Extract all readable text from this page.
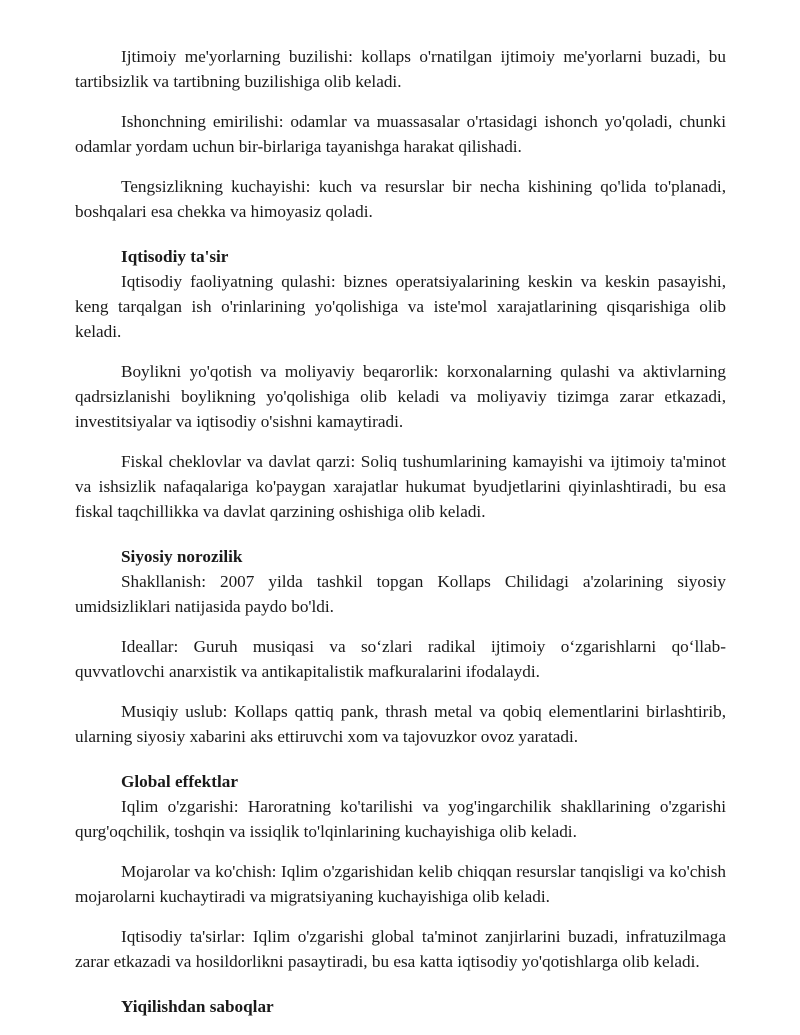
Ijtimoiy me'yorlarning buzilishi: kollaps o'rnatilgan ijtimoiy me'yorlarni buzadi, bu tartibsizlik va tartibning buzilishiga olib keladi.

Ishonchning emirilishi: odamlar va muassasalar o'rtasidagi ishonch yo'qoladi, chunki odamlar yordam uchun bir-birlariga tayanishga harakat qilishadi.

Tengsizlikning kuchayishi: kuch va resurslar bir necha kishining qo'lida to'planadi, boshqalari esa chekka va himoyasiz qoladi.

Iqtisodiy ta'sir

Iqtisodiy faoliyatning qulashi: biznes operatsiyalarining keskin va keskin pasayishi, keng tarqalgan ish o'rinlarining yo'qolishiga va iste'mol xarajatlarining qisqarishiga olib keladi.

Boylikni yo'qotish va moliyaviy beqarorlik: korxonalarning qulashi va aktivlarning qadrsizlanishi boylikning yo'qolishiga olib keladi va moliyaviy tizimga zarar etkazadi, investitsiyalar va iqtisodiy o'sishni kamaytiradi.

Fiskal cheklovlar va davlat qarzi: Soliq tushumlarining kamayishi va ijtimoiy ta'minot va ishsizlik nafaqalariga ko'paygan xarajatlar hukumat byudjetlarini qiyinlashtiradi, bu esa fiskal taqchillikka va davlat qarzining oshishiga olib keladi.

Siyosiy norozilik

Shakllanish: 2007 yilda tashkil topgan Kollaps Chilidagi a'zolarining siyosiy umidsizliklari natijasida paydo bo'ldi.

Ideallar: Guruh musiqasi va so‘zlari radikal ijtimoiy o‘zgarishlarni qo‘llab-quvvatlovchi anarxistik va antikapitalistik mafkuralarini ifodalaydi.

Musiqiy uslub: Kollaps qattiq pank, thrash metal va qobiq elementlarini birlashtirib, ularning siyosiy xabarini aks ettiruvchi xom va tajovuzkor ovoz yaratadi.

Global effektlar

Iqlim o'zgarishi: Haroratning ko'tarilishi va yog'ingarchilik shakllarining o'zgarishi qurg'oqchilik, toshqin va issiqlik to'lqinlarining kuchayishiga olib keladi.

Mojarolar va ko'chish: Iqlim o'zgarishidan kelib chiqqan resurslar tanqisligi va ko'chish mojarolarni kuchaytiradi va migratsiyaning kuchayishiga olib keladi.

Iqtisodiy ta'sirlar: Iqlim o'zgarishi global ta'minot zanjirlarini buzadi, infratuzilmaga zarar etkazadi va hosildorlikni pasaytiradi, bu esa katta iqtisodiy yo'qotishlarga olib keladi.

Yiqilishdan saboqlar
